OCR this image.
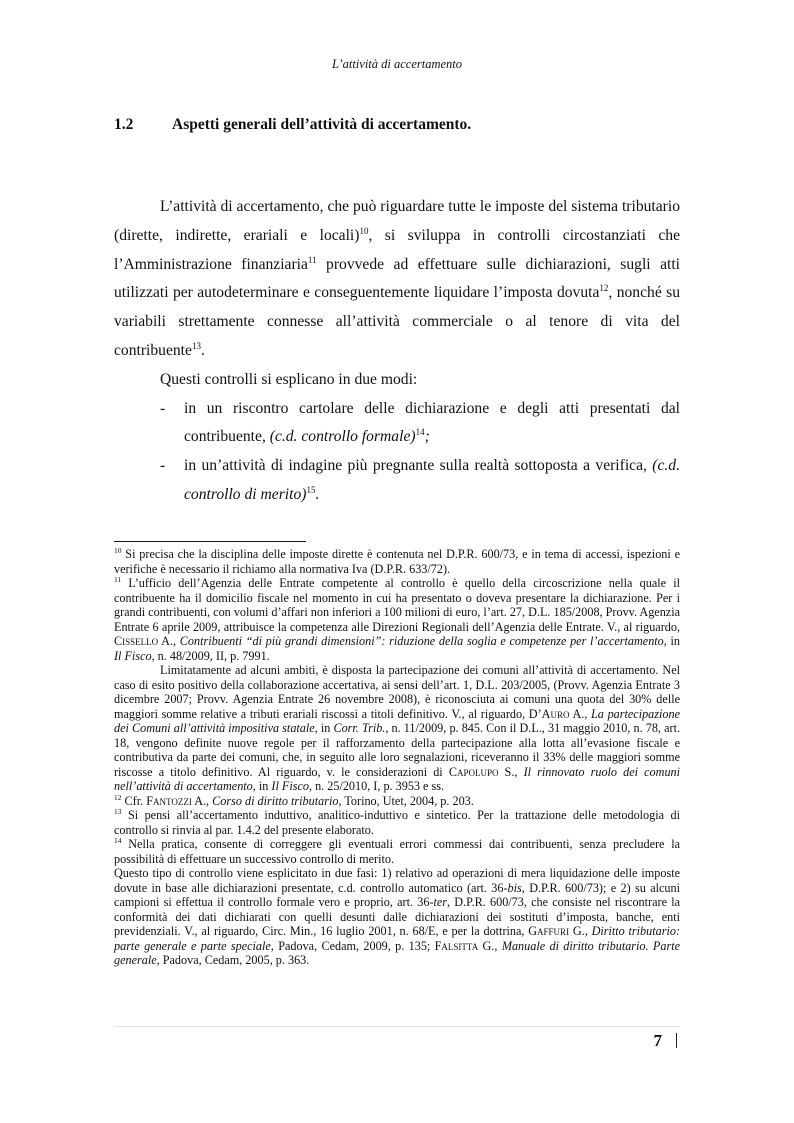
L’attività di accertamento
1.2 Aspetti generali dell’attività di accertamento.

L’attività di accertamento, che può riguardare tutte le imposte del sistema tributario (dirette, indirette, erariali e locali)$^{10}$, si sviluppa in controlli circostanziati che l’Amministrazione finanziaria$^{11}$ provvede ad effettuare sulle dichiarazioni, sugli atti utilizzati per autodeterminare e conseguentemente liquidare l’imposta dovuta$^{12}$, nonché su variabili strettamente connesse all’attività commerciale o al tenore di vita del contribuente$^{13}$.

Questi controlli si esplicano in due modi:

- in un riscontro cartolare delle dichiarazione e degli atti presentati dal contribuente, (c.d. controllo formale)$^{14}$;
- in un’attività di indagine più pregnante sulla realtà sottoposta a verifica, (c.d. controllo di merito)$^{15}$.

$^{10}$ Si precisa che la disciplina delle imposte dirette è contenuta nel D.P.R. 600/73, e in tema di accessi, ispezioni e verifiche è necessario il richiamo alla normativa Iva (D.P.R. 633/72).

$^{11}$ L’ufficio dell’Agenzia delle Entrate competente al controllo è quello della circoscrizione nella quale il contribuente ha il domicilio fiscale nel momento in cui ha presentato o doveva presentare la dichiarazione. Per i grandi contribuenti, con volumi d’affari non inferiori a 100 milioni di euro, l’art. 27, D.L. 185/2008, Provv. Agenzia Entrate 6 aprile 2009, attribuisce la competenza alle Direzioni Regionali dell’Agenzia delle Entrate. V., al riguardo, Cissello A., Contribuenti “di più grandi dimensioni”: riduzione della soglia e competenze per l’accertamento, in Il Fisco, n. 48/2009, II, p. 7991.

Limitatamente ad alcuni ambiti, è disposta la partecipazione dei comuni all’attività di accertamento. Nel caso di esito positivo della collaborazione accertativa, ai sensi dell’art. 1, D.L. 203/2005, (Provv. Agenzia Entrate 3 dicembre 2007; Provv. Agenzia Entrate 26 novembre 2008), è riconosciuta ai comuni una quota del 30% delle maggiori somme relative a tributi erariali riscossi a titoli definitivo. V., al riguardo, D’Auro A., La partecipazione dei Comuni all’attività impositiva statale, in Corr. Trib., n. 11/2009, p. 845. Con il D.L., 31 maggio 2010, n. 78, art. 18, vengono definite nuove regole per il rafforzamento della partecipazione alla lotta all’evasione fiscale e contributiva da parte dei comuni, che, in seguito alle loro segnalazioni, riceveranno il 33% delle maggiori somme riscosse a titolo definitivo. Al riguardo, v. le considerazioni di Capolupo S., Il rinnovato ruolo dei comuni nell’attività di accertamento, in Il Fisco, n. 25/2010, I, p. 3953 e ss.

$^{12}$ Cfr. Fantozzi A., Corso di diritto tributario, Torino, Utet, 2004, p. 203.

$^{13}$ Si pensi all’accertamento induttivo, analitico-induttivo e sintetico. Per la trattazione delle metodologia di controllo si rinvia al par. 1.4.2 del presente elaborato.

$^{14}$ Nella pratica, consente di correggere gli eventuali errori commessi dai contribuenti, senza precludere la possibilità di effettuare un successivo controllo di merito.

Questo tipo di controllo viene esplicitato in due fasi: 1) relativo ad operazioni di mera liquidazione delle imposte dovute in base alle dichiarazioni presentate, c.d. controllo automatico (art. 36-bis, D.P.R. 600/73); e 2) su alcuni campioni si effettua il controllo formale vero e proprio, art. 36-ter, D.P.R. 600/73, che consiste nel riscontrare la conformità dei dati dichiarati con quelli desunti dalle dichiarazioni dei sostituti d’imposta, banche, enti previdenziali. V., al riguardo, Circ. Min., 16 luglio 2001, n. 68/E, e per la dottrina, Gaffuri G., Diritto tributario: parte generale e parte speciale, Padova, Cedam, 2009, p. 135; Falsitta G., Manuale di diritto tributario. Parte generale, Padova, Cedam, 2005, p. 363.

7
